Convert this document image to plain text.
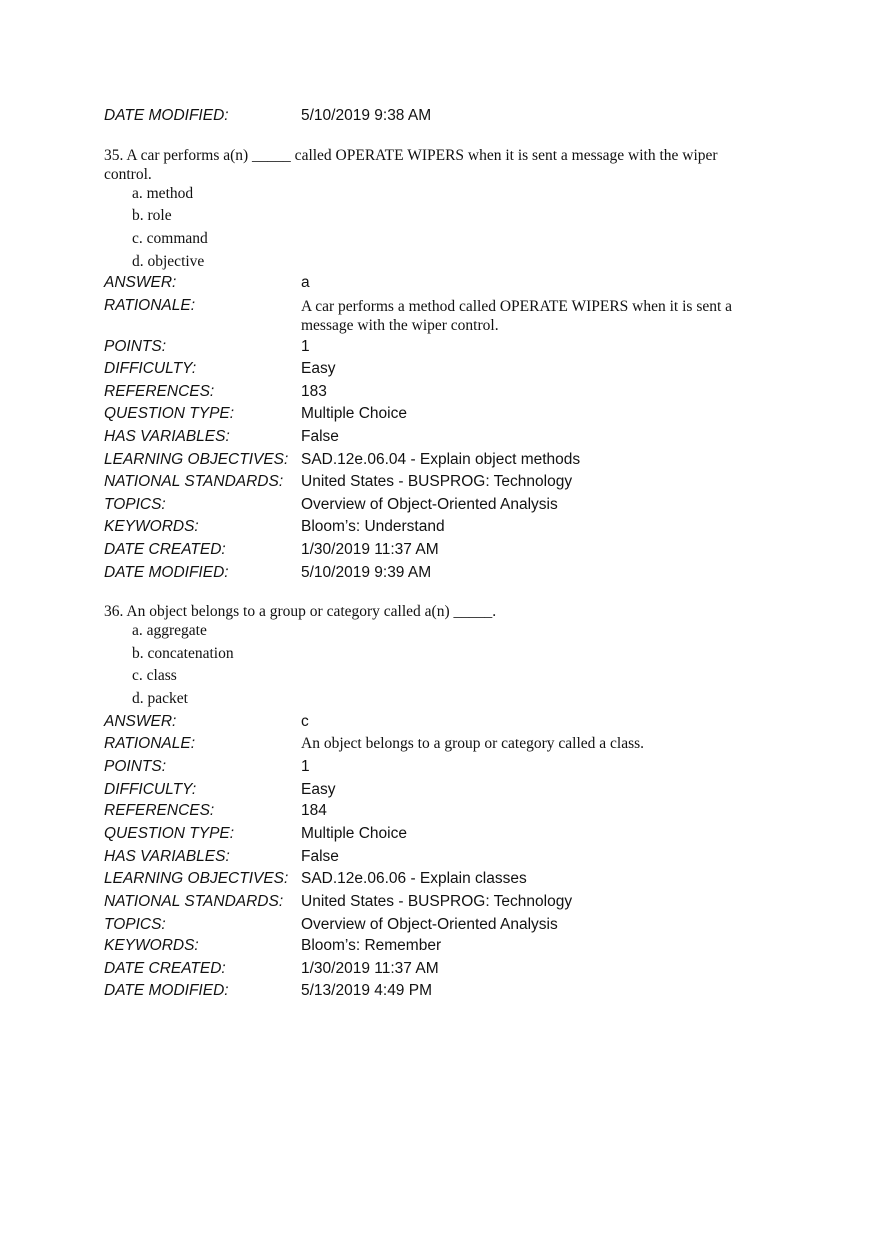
DATE MODIFIED:	5/10/2019 9:38 AM
35. A car performs a(n) _____ called OPERATE WIPERS when it is sent a message with the wiper control.
a. method
b. role
c. command
d. objective
ANSWER:	a
RATIONALE:	A car performs a method called OPERATE WIPERS when it is sent a message with the wiper control.
POINTS:	1
DIFFICULTY:	Easy
REFERENCES:	183
QUESTION TYPE:	Multiple Choice
HAS VARIABLES:	False
LEARNING OBJECTIVES: SAD.12e.06.04 - Explain object methods
NATIONAL STANDARDS: United States - BUSPROG: Technology
TOPICS:	Overview of Object-Oriented Analysis
KEYWORDS:	Bloom’s: Understand
DATE CREATED:	1/30/2019 11:37 AM
DATE MODIFIED:	5/10/2019 9:39 AM
36. An object belongs to a group or category called a(n) _____.
a. aggregate
b. concatenation
c. class
d. packet
ANSWER:	c
RATIONALE:	An object belongs to a group or category called a class.
POINTS:	1
DIFFICULTY:	Easy
REFERENCES:	184
QUESTION TYPE:	Multiple Choice
HAS VARIABLES:	False
LEARNING OBJECTIVES: SAD.12e.06.06 - Explain classes
NATIONAL STANDARDS: United States - BUSPROG: Technology
TOPICS:	Overview of Object-Oriented Analysis
KEYWORDS:	Bloom’s: Remember
DATE CREATED:	1/30/2019 11:37 AM
DATE MODIFIED:	5/13/2019 4:49 PM
